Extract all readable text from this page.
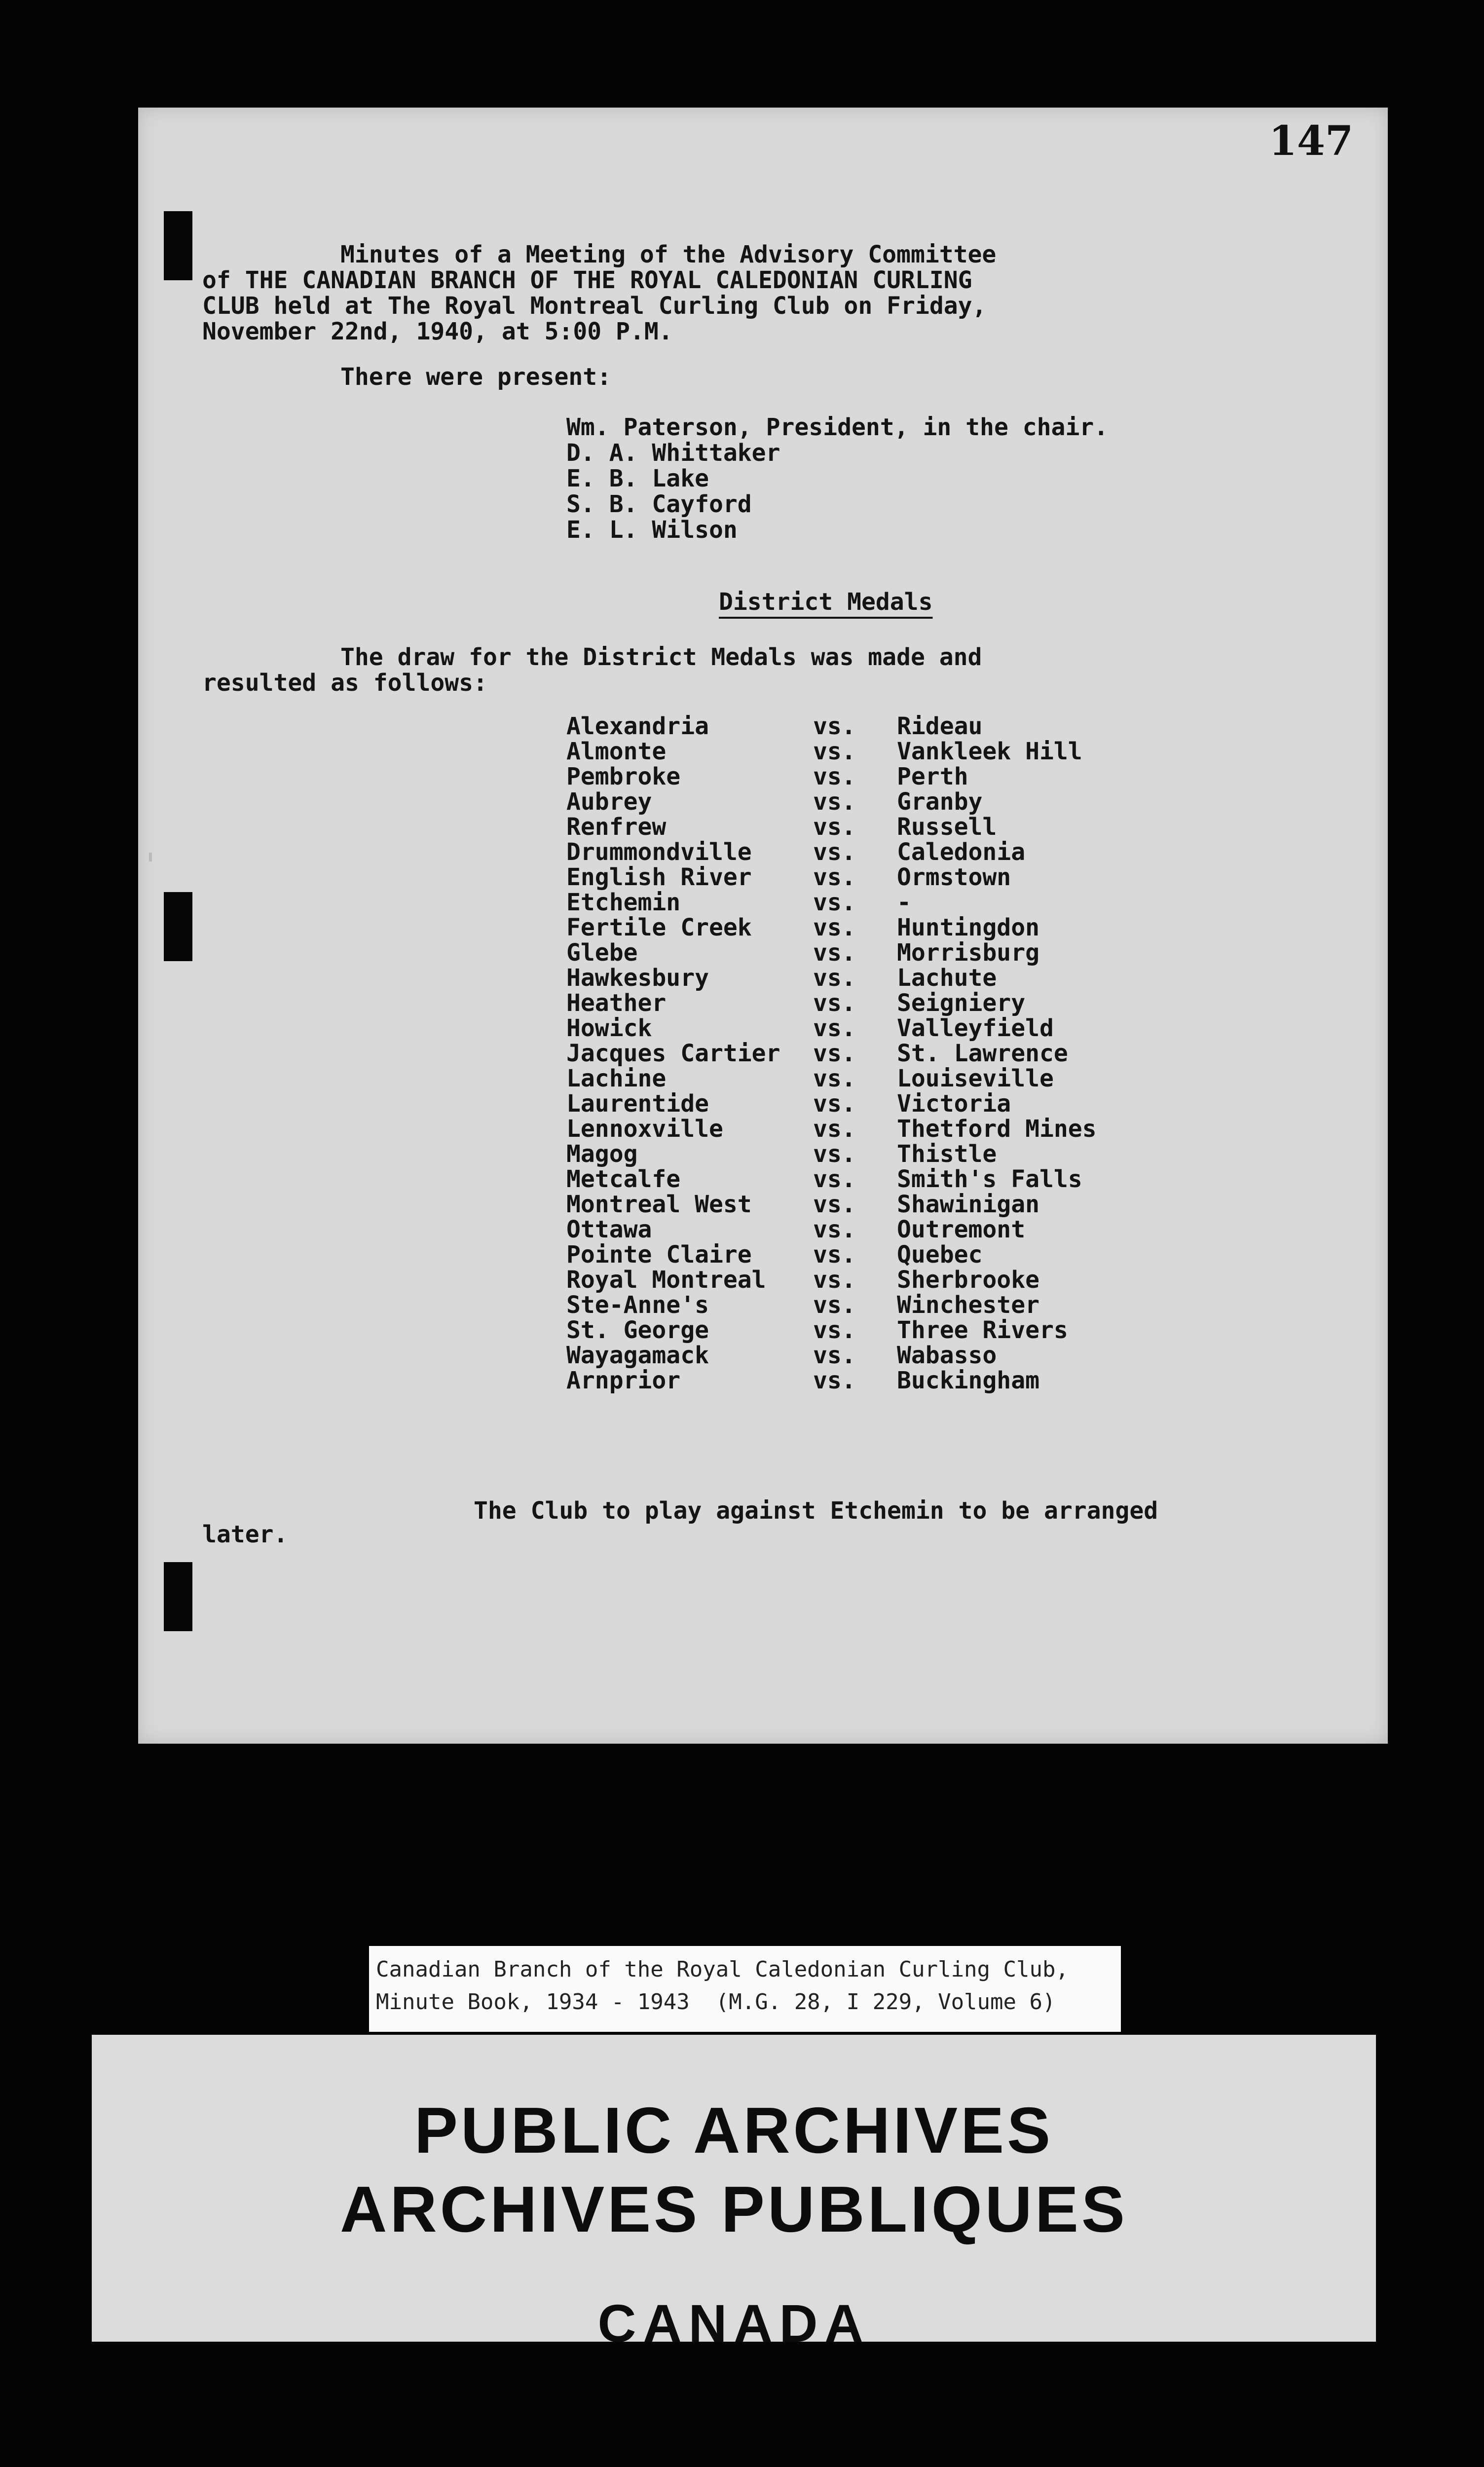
147
Minutes of a Meeting of the Advisory Committee
of THE CANADIAN BRANCH OF THE ROYAL CALEDONIAN CURLING
CLUB held at The Royal Montreal Curling Club on Friday,
November 22nd, 1940, at 5:00 P.M.
There were present:
Wm. Paterson, President, in the chair.
D. A. Whittaker
E. B. Lake
S. B. Cayford
E. L. Wilson
District Medals
The draw for the District Medals was made and
resulted as follows:
Alexandria	vs. Rideau
Almonte	vs. Vankleek Hill
Pembroke	vs. Perth
Aubrey	vs. Granby
Renfrew	vs. Russell
Drummondville	vs. Caledonia
English River	vs. Ormstown
Etchemin	vs. -
Fertile Creek	vs. Huntingdon
Glebe	vs. Morrisburg
Hawkesbury	vs. Lachute
Heather	vs. Seigniery
Howick	vs. Valleyfield
Jacques Cartier vs. St. Lawrence
Lachine	vs. Louiseville
Laurentide	vs. Victoria
Lennoxville	vs. Thetford Mines
Magog	vs. Thistle
Metcalfe	vs. Smith's Falls
Montreal West	vs. Shawinigan
Ottawa	vs. Outremont
Pointe Claire	vs. Quebec
Royal Montreal vs. Sherbrooke
Ste-Anne's	vs. Winchester
St. George	vs. Three Rivers
Wayagamack	vs. Wabasso
Arnprior	vs. Buckingham
The Club to play against Etchemin to be arranged
later.
Canadian Branch of the Royal Caledonian Curling Club,
Minute Book, 1934 - 1943  (M.G. 28, I 229, Volume 6)
PUBLIC ARCHIVES
ARCHIVES PUBLIQUES
CANADA
